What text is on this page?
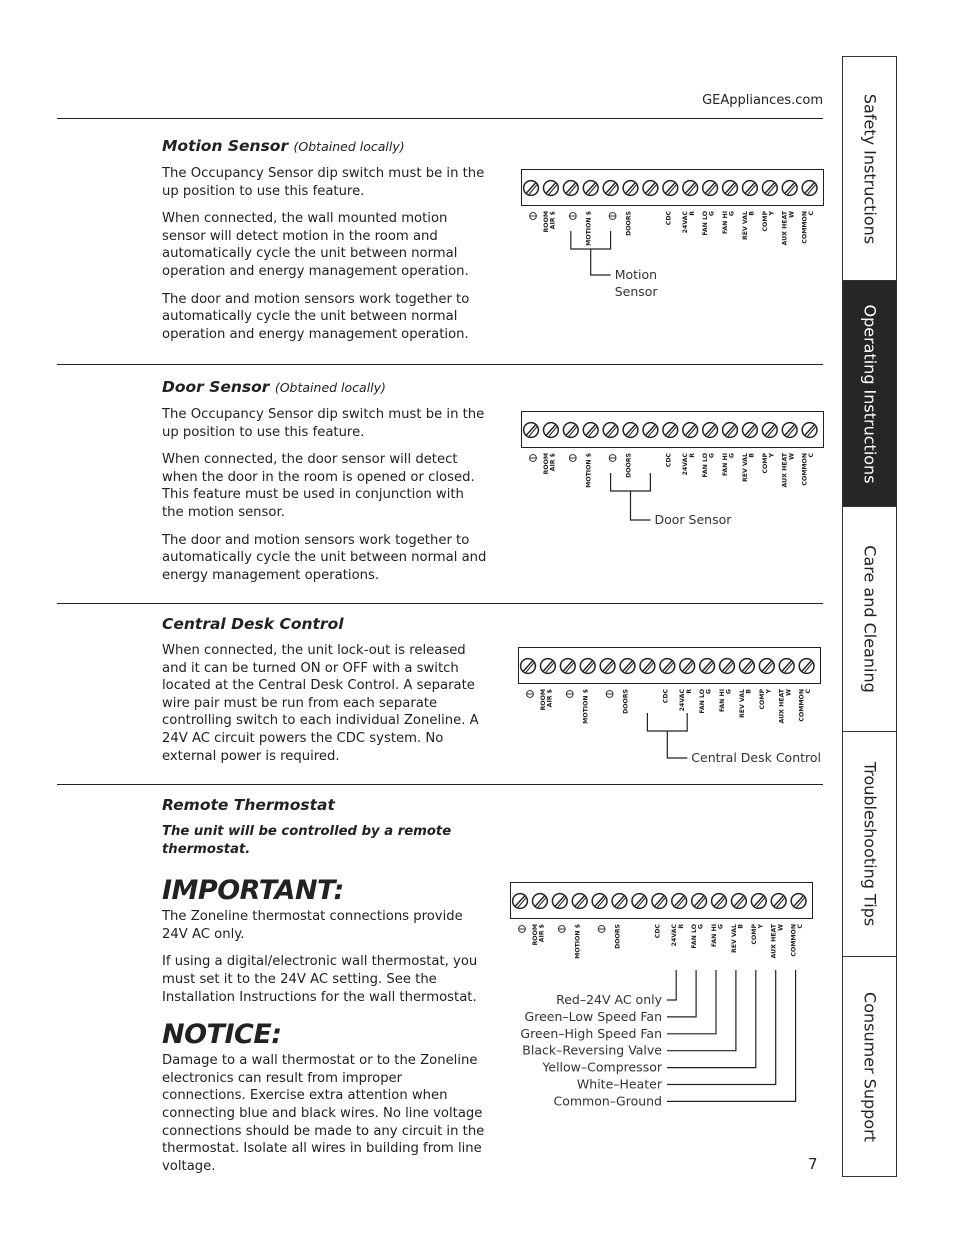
GEAppliances.com Safety Instructions
Operating Instructions
Care and Cleaning
Troubleshooting Tips
Consumer Support
Motion Sensor (Obtained locally)

The Occupancy Sensor dip switch must be in the up position to use this feature.

When connected, the wall mounted motion sensor will detect motion in the room and automatically cycle the unit between normal operation and energy management operation.

The door and motion sensors work together to automatically cycle the unit between normal operation and energy management operation.

Door Sensor (Obtained locally)

The Occupancy Sensor dip switch must be in the up position to use this feature.

When connected, the door sensor will detect when the door in the room is opened or closed. This feature must be used in conjunction with the motion sensor.

The door and motion sensors work together to automatically cycle the unit between normal and energy management operations.

Central Desk Control

When connected, the unit lock-out is released and it can be turned ON or OFF with a switch located at the Central Desk Control. A separate wire pair must be run from each separate controlling switch to each individual Zoneline. A 24V AC circuit powers the CDC system. No external power is required.

Remote Thermostat

The unit will be controlled by a remote thermostat.

IMPORTANT:

The Zoneline thermostat connections provide 24V AC only.

If using a digital/electronic wall thermostat, you must set it to the 24V AC setting. See the Installation Instructions for the wall thermostat.

NOTICE:

Damage to a wall thermostat or to the Zoneline electronics can result from improper connections. Exercise extra attention when connecting blue and black wires. No line voltage connections should be made to any circuit in the thermostat. Isolate all wires in building from line voltage.

ROOMAIR $	MOTION $	DOORS	CDC 24VACR FAN LOG FAN HIG REV VALB COMPY AUX HEATW COMMONC
Motion Sensor
ROOMAIR $	MOTION $	DOORS	CDC 24VACR FAN LOG FAN HIG REV VALB COMPY AUX HEATW COMMONC
Door Sensor
ROOMAIR $	MOTION $	DOORS	CDC 24VACR FAN LOG FAN HIG REV VALB COMPY AUX HEATW COMMONC
Central Desk Control
ROOMAIR $	MOTION $	DOORS	CDC 24VACR FAN LOG FAN HIG REV VALB COMPY AUX HEATW COMMONC
Red–24V AC only
Green–Low Speed Fan
Green–High Speed Fan
Black–Reversing Valve
Yellow–Compressor
White–Heater
Common–Ground
7
